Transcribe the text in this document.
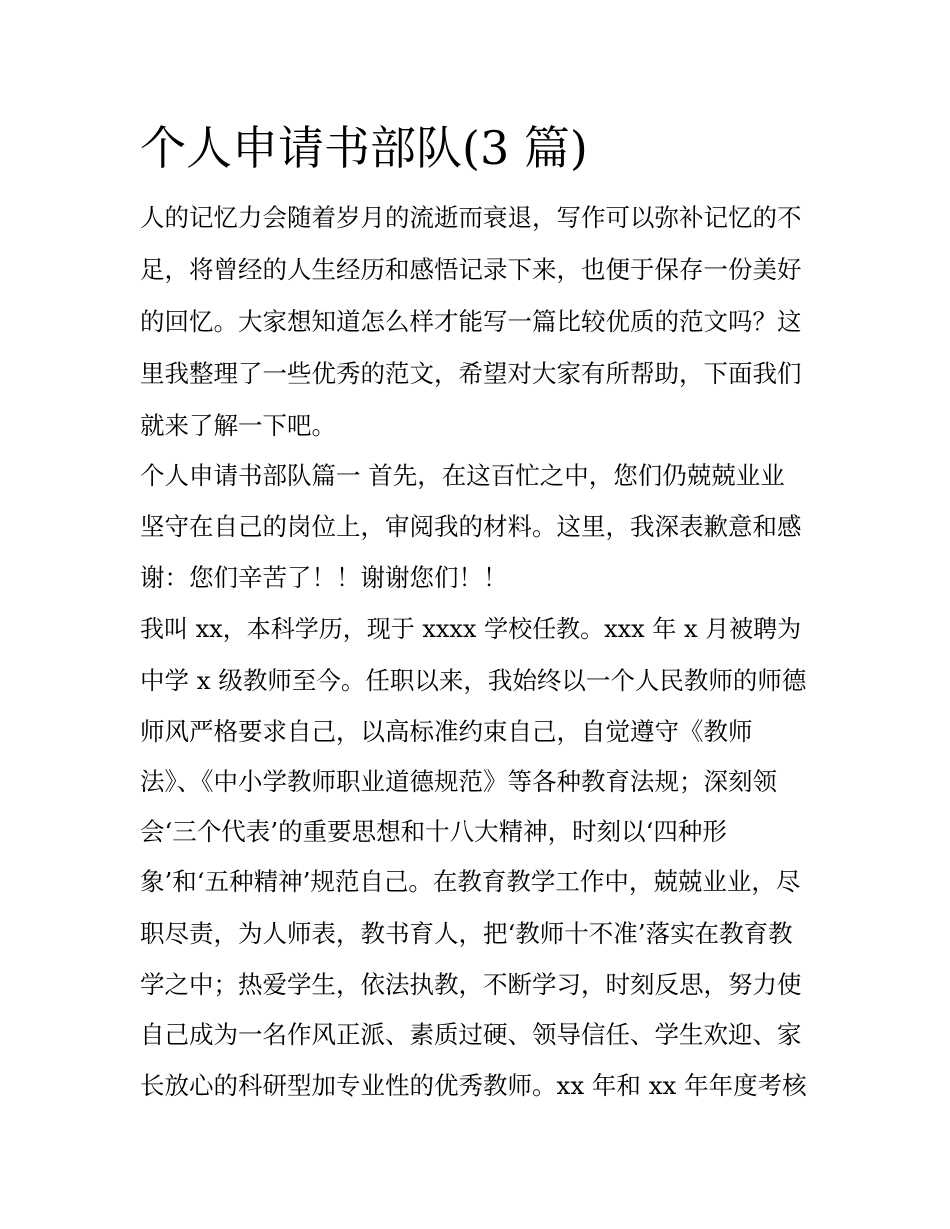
个人申请书部队(3 篇)

人的记忆力会随着岁月的流逝而衰退，写作可以弥补记忆的不

足，将曾经的人生经历和感悟记录下来，也便于保存一份美好

的回忆。大家想知道怎么样才能写一篇比较优质的范文吗？这

里我整理了一些优秀的范文，希望对大家有所帮助，下面我们

就来了解一下吧。

个人申请书部队篇一 首先，在这百忙之中，您们仍兢兢业业

坚守在自己的岗位上，审阅我的材料。这里，我深表歉意和感

谢：您们辛苦了！！谢谢您们！！

我叫 xx，本科学历，现于 xxxx 学校任教。xxx 年 x 月被聘为

中学 x 级教师至今。任职以来，我始终以一个人民教师的师德

师风严格要求自己，以高标准约束自己，自觉遵守《教师

法》、《中小学教师职业道德规范》等各种教育法规；深刻领

会‘三个代表’的重要思想和十八大精神，时刻以‘四种形

象’和‘五种精神’规范自己。在教育教学工作中，兢兢业业，尽

职尽责，为人师表，教书育人，把‘教师十不准’落实在教育教

学之中；热爱学生，依法执教，不断学习，时刻反思，努力使

自己成为一名作风正派、素质过硬、领导信任、学生欢迎、家

长放心的科研型加专业性的优秀教师。xx 年和 xx 年年度考核
